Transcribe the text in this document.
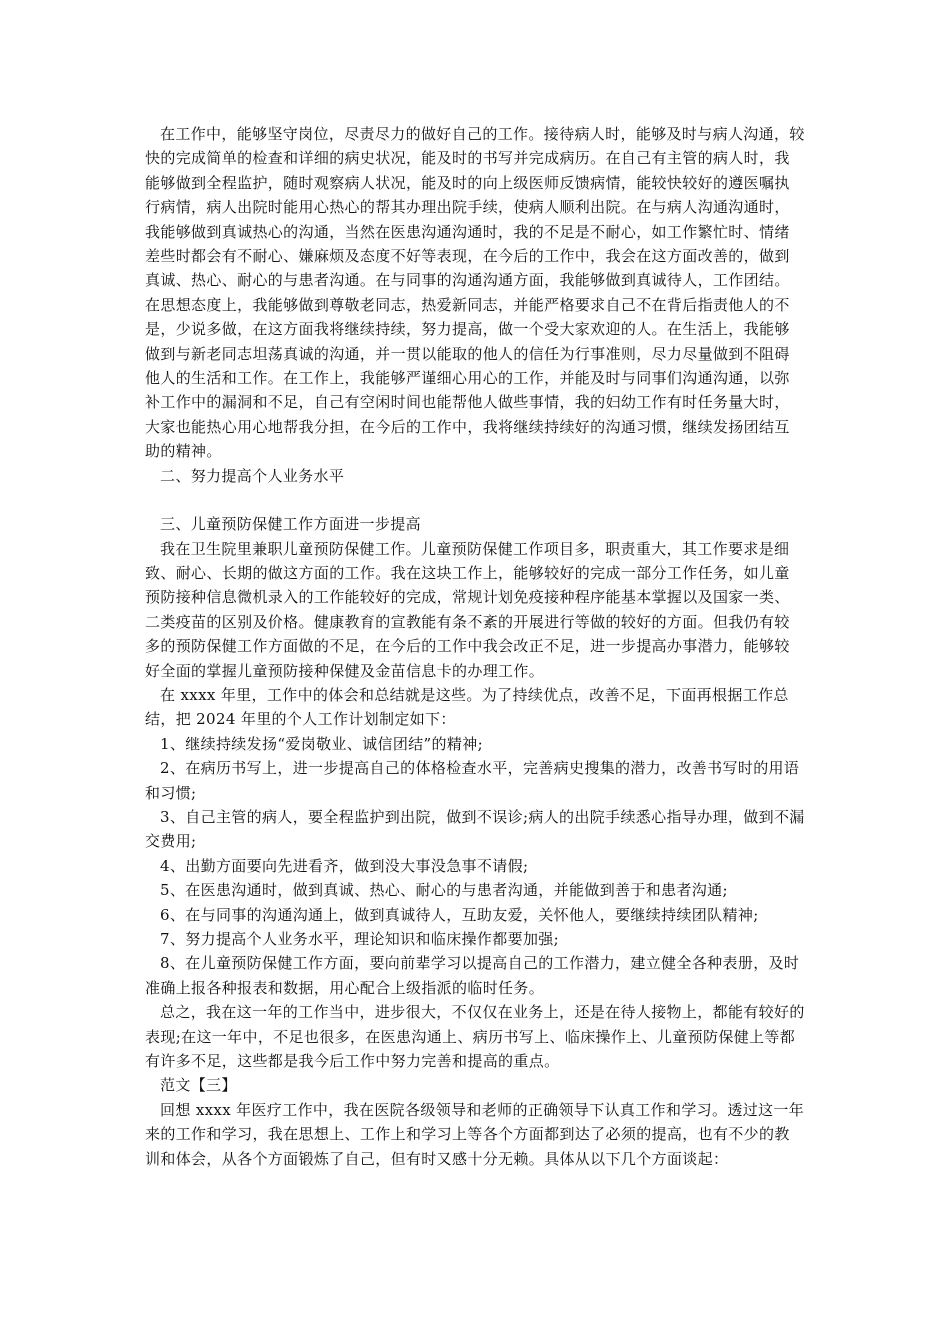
在工作中，能够坚守岗位，尽责尽力的做好自己的工作。接待病人时，能够及时与病人沟通，较快的完成简单的检查和详细的病史状况，能及时的书写并完成病历。在自己有主管的病人时，我能够做到全程监护，随时观察病人状况，能及时的向上级医师反馈病情，能较快较好的遵医嘱执行病情，病人出院时能用心热心的帮其办理出院手续，使病人顺利出院。在与病人沟通沟通时，我能够做到真诚热心的沟通，当然在医患沟通沟通时，我的不足是不耐心，如工作繁忙时、情绪差些时都会有不耐心、嫌麻烦及态度不好等表现，在今后的工作中，我会在这方面改善的，做到真诚、热心、耐心的与患者沟通。在与同事的沟通沟通方面，我能够做到真诚待人，工作团结。在思想态度上，我能够做到尊敬老同志，热爱新同志，并能严格要求自己不在背后指责他人的不是，少说多做，在这方面我将继续持续，努力提高，做一个受大家欢迎的人。在生活上，我能够做到与新老同志坦荡真诚的沟通，并一贯以能取的他人的信任为行事准则，尽力尽量做到不阻碍他人的生活和工作。在工作上，我能够严谨细心用心的工作，并能及时与同事们沟通沟通，以弥补工作中的漏洞和不足，自己有空闲时间也能帮他人做些事情，我的妇幼工作有时任务量大时，大家也能热心用心地帮我分担，在今后的工作中，我将继续持续好的沟通习惯，继续发扬团结互助的精神。

二、努力提高个人业务水平

三、儿童预防保健工作方面进一步提高

我在卫生院里兼职儿童预防保健工作。儿童预防保健工作项目多，职责重大，其工作要求是细致、耐心、长期的做这方面的工作。我在这块工作上，能够较好的完成一部分工作任务，如儿童预防接种信息微机录入的工作能较好的完成，常规计划免疫接种程序能基本掌握以及国家一类、二类疫苗的区别及价格。健康教育的宣教能有条不紊的开展进行等做的较好的方面。但我仍有较多的预防保健工作方面做的不足，在今后的工作中我会改正不足，进一步提高办事潜力，能够较好全面的掌握儿童预防接种保健及金苗信息卡的办理工作。

在 xxxx 年里，工作中的体会和总结就是这些。为了持续优点，改善不足，下面再根据工作总结，把 2024 年里的个人工作计划制定如下：

1、继续持续发扬“爱岗敬业、诚信团结”的精神;

2、在病历书写上，进一步提高自己的体格检查水平，完善病史搜集的潜力，改善书写时的用语和习惯;

3、自己主管的病人，要全程监护到出院，做到不误诊;病人的出院手续悉心指导办理，做到不漏交费用;

4、出勤方面要向先进看齐，做到没大事没急事不请假;

5、在医患沟通时，做到真诚、热心、耐心的与患者沟通，并能做到善于和患者沟通;

6、在与同事的沟通沟通上，做到真诚待人，互助友爱，关怀他人，要继续持续团队精神;

7、努力提高个人业务水平，理论知识和临床操作都要加强;

8、在儿童预防保健工作方面，要向前辈学习以提高自己的工作潜力，建立健全各种表册，及时准确上报各种报表和数据，用心配合上级指派的临时任务。

总之，我在这一年的工作当中，进步很大，不仅仅在业务上，还是在待人接物上，都能有较好的表现;在这一年中，不足也很多，在医患沟通上、病历书写上、临床操作上、儿童预防保健上等都有许多不足，这些都是我今后工作中努力完善和提高的重点。

范文【三】

回想 xxxx 年医疗工作中，我在医院各级领导和老师的正确领导下认真工作和学习。透过这一年来的工作和学习，我在思想上、工作上和学习上等各个方面都到达了必须的提高，也有不少的教训和体会，从各个方面锻炼了自己，但有时又感十分无赖。具体从以下几个方面谈起：
